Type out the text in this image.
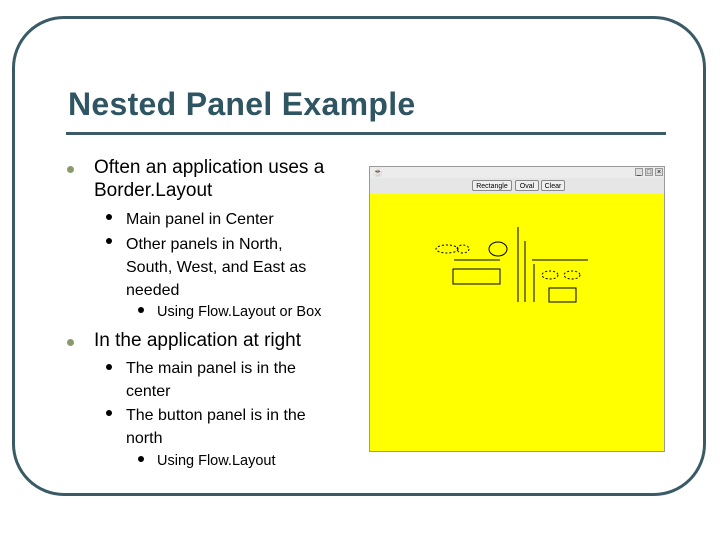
Nested Panel Example
Often an application uses a
Border.Layout
Main panel in Center
Other panels in North,
South, West, and East as
needed
Using Flow.Layout or Box
In the application at right
The main panel is in the
center
The button panel is in the
north
Using Flow.Layout
☕	_ □ ×
Rectangle	Oval	Clear
